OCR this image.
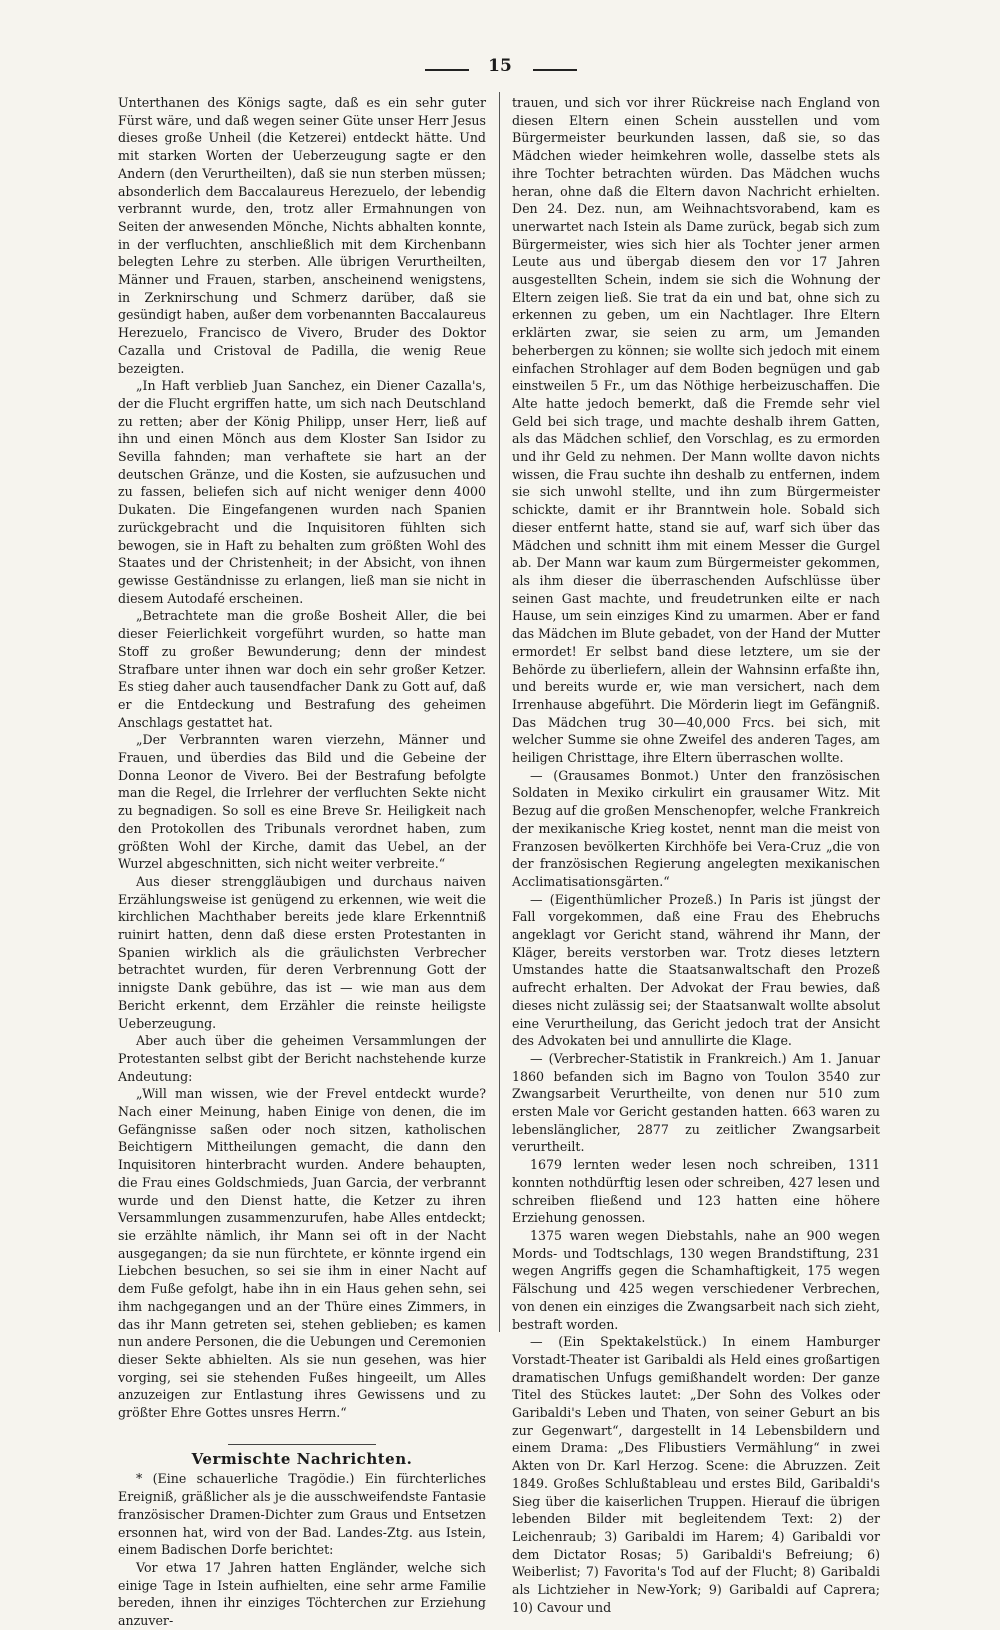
15

Unterthanen des Königs sagte, daß es ein sehr guter Fürst wäre, und daß wegen seiner Güte unser Herr Jesus dieses große Unheil (die Ketzerei) entdeckt hätte. Und mit starken Worten der Ueberzeugung sagte er den Andern (den Verurtheilten), daß sie nun sterben müssen; absonderlich dem Baccalaureus Herezuelo, der lebendig verbrannt wurde, den, trotz aller Ermahnungen von Seiten der anwesenden Mönche, Nichts abhalten konnte, in der verfluchten, anschließlich mit dem Kirchenbann belegten Lehre zu sterben. Alle übrigen Verurtheilten, Männer und Frauen, starben, anscheinend wenigstens, in Zerknirschung und Schmerz darüber, daß sie gesündigt haben, außer dem vorbenannten Baccalaureus Herezuelo, Francisco de Vivero, Bruder des Doktor Cazalla und Cristoval de Padilla, die wenig Reue bezeigten.

„In Haft verblieb Juan Sanchez, ein Diener Cazalla's, der die Flucht ergriffen hatte, um sich nach Deutschland zu retten; aber der König Philipp, unser Herr, ließ auf ihn und einen Mönch aus dem Kloster San Isidor zu Sevilla fahnden; man verhaftete sie hart an der deutschen Gränze, und die Kosten, sie aufzusuchen und zu fassen, beliefen sich auf nicht weniger denn 4000 Dukaten. Die Eingefangenen wurden nach Spanien zurückgebracht und die Inquisitoren fühlten sich bewogen, sie in Haft zu behalten zum größten Wohl des Staates und der Christenheit; in der Absicht, von ihnen gewisse Geständnisse zu erlangen, ließ man sie nicht in diesem Autodafé erscheinen.

„Betrachtete man die große Bosheit Aller, die bei dieser Feierlichkeit vorgeführt wurden, so hatte man Stoff zu großer Bewunderung; denn der mindest Strafbare unter ihnen war doch ein sehr großer Ketzer. Es stieg daher auch tausendfacher Dank zu Gott auf, daß er die Entdeckung und Bestrafung des geheimen Anschlags gestattet hat.

„Der Verbrannten waren vierzehn, Männer und Frauen, und überdies das Bild und die Gebeine der Donna Leonor de Vivero. Bei der Bestrafung befolgte man die Regel, die Irrlehrer der verfluchten Sekte nicht zu begnadigen. So soll es eine Breve Sr. Heiligkeit nach den Protokollen des Tribunals verordnet haben, zum größten Wohl der Kirche, damit das Uebel, an der Wurzel abgeschnitten, sich nicht weiter verbreite.“

Aus dieser strenggläubigen und durchaus naiven Erzählungsweise ist genügend zu erkennen, wie weit die kirchlichen Machthaber bereits jede klare Erkenntniß ruinirt hatten, denn daß diese ersten Protestanten in Spanien wirklich als die gräulichsten Verbrecher betrachtet wurden, für deren Verbrennung Gott der innigste Dank gebühre, das ist — wie man aus dem Bericht erkennt, dem Erzähler die reinste heiligste Ueberzeugung.

Aber auch über die geheimen Versammlungen der Protestanten selbst gibt der Bericht nachstehende kurze Andeutung:

„Will man wissen, wie der Frevel entdeckt wurde? Nach einer Meinung, haben Einige von denen, die im Gefängnisse saßen oder noch sitzen, katholischen Beichtigern Mittheilungen gemacht, die dann den Inquisitoren hinterbracht wurden. Andere behaupten, die Frau eines Goldschmieds, Juan Garcia, der verbrannt wurde und den Dienst hatte, die Ketzer zu ihren Versammlungen zusammenzurufen, habe Alles entdeckt; sie erzählte nämlich, ihr Mann sei oft in der Nacht ausgegangen; da sie nun fürchtete, er könnte irgend ein Liebchen besuchen, so sei sie ihm in einer Nacht auf dem Fuße gefolgt, habe ihn in ein Haus gehen sehn, sei ihm nachgegangen und an der Thüre eines Zimmers, in das ihr Mann getreten sei, stehen geblieben; es kamen nun andere Personen, die die Uebungen und Ceremonien dieser Sekte abhielten. Als sie nun gesehen, was hier vorging, sei sie stehenden Fußes hingeeilt, um Alles anzuzeigen zur Entlastung ihres Gewissens und zu größter Ehre Gottes unsres Herrn.“

Vermischte Nachrichten.

* (Eine schauerliche Tragödie.) Ein fürchterliches Ereigniß, gräßlicher als je die ausschweifendste Fantasie französischer Dramen-Dichter zum Graus und Entsetzen ersonnen hat, wird von der Bad. Landes-Ztg. aus Istein, einem Badischen Dorfe berichtet:

Vor etwa 17 Jahren hatten Engländer, welche sich einige Tage in Istein aufhielten, eine sehr arme Familie bereden, ihnen ihr einziges Töchterchen zur Erziehung anzuver-

trauen, und sich vor ihrer Rückreise nach England von diesen Eltern einen Schein ausstellen und vom Bürgermeister beurkunden lassen, daß sie, so das Mädchen wieder heimkehren wolle, dasselbe stets als ihre Tochter betrachten würden. Das Mädchen wuchs heran, ohne daß die Eltern davon Nachricht erhielten. Den 24. Dez. nun, am Weihnachtsvorabend, kam es unerwartet nach Istein als Dame zurück, begab sich zum Bürgermeister, wies sich hier als Tochter jener armen Leute aus und übergab diesem den vor 17 Jahren ausgestellten Schein, indem sie sich die Wohnung der Eltern zeigen ließ. Sie trat da ein und bat, ohne sich zu erkennen zu geben, um ein Nachtlager. Ihre Eltern erklärten zwar, sie seien zu arm, um Jemanden beherbergen zu können; sie wollte sich jedoch mit einem einfachen Strohlager auf dem Boden begnügen und gab einstweilen 5 Fr., um das Nöthige herbeizuschaffen. Die Alte hatte jedoch bemerkt, daß die Fremde sehr viel Geld bei sich trage, und machte deshalb ihrem Gatten, als das Mädchen schlief, den Vorschlag, es zu ermorden und ihr Geld zu nehmen. Der Mann wollte davon nichts wissen, die Frau suchte ihn deshalb zu entfernen, indem sie sich unwohl stellte, und ihn zum Bürgermeister schickte, damit er ihr Branntwein hole. Sobald sich dieser entfernt hatte, stand sie auf, warf sich über das Mädchen und schnitt ihm mit einem Messer die Gurgel ab. Der Mann war kaum zum Bürgermeister gekommen, als ihm dieser die überraschenden Aufschlüsse über seinen Gast machte, und freudetrunken eilte er nach Hause, um sein einziges Kind zu umarmen. Aber er fand das Mädchen im Blute gebadet, von der Hand der Mutter ermordet! Er selbst band diese letztere, um sie der Behörde zu überliefern, allein der Wahnsinn erfaßte ihn, und bereits wurde er, wie man versichert, nach dem Irrenhause abgeführt. Die Mörderin liegt im Gefängniß. Das Mädchen trug 30—40,000 Frcs. bei sich, mit welcher Summe sie ohne Zweifel des anderen Tages, am heiligen Christtage, ihre Eltern überraschen wollte.

— (Grausames Bonmot.) Unter den französischen Soldaten in Mexiko cirkulirt ein grausamer Witz. Mit Bezug auf die großen Menschenopfer, welche Frankreich der mexikanische Krieg kostet, nennt man die meist von Franzosen bevölkerten Kirchhöfe bei Vera-Cruz „die von der französischen Regierung angelegten mexikanischen Acclimatisationsgärten.“

— (Eigenthümlicher Prozeß.) In Paris ist jüngst der Fall vorgekommen, daß eine Frau des Ehebruchs angeklagt vor Gericht stand, während ihr Mann, der Kläger, bereits verstorben war. Trotz dieses letztern Umstandes hatte die Staatsanwaltschaft den Prozeß aufrecht erhalten. Der Advokat der Frau bewies, daß dieses nicht zulässig sei; der Staatsanwalt wollte absolut eine Verurtheilung, das Gericht jedoch trat der Ansicht des Advokaten bei und annullirte die Klage.

— (Verbrecher-Statistik in Frankreich.) Am 1. Januar 1860 befanden sich im Bagno von Toulon 3540 zur Zwangsarbeit Verurtheilte, von denen nur 510 zum ersten Male vor Gericht gestanden hatten. 663 waren zu lebenslänglicher, 2877 zu zeitlicher Zwangsarbeit verurtheilt.

1679 lernten weder lesen noch schreiben, 1311 konnten nothdürftig lesen oder schreiben, 427 lesen und schreiben fließend und 123 hatten eine höhere Erziehung genossen.

1375 waren wegen Diebstahls, nahe an 900 wegen Mords- und Todtschlags, 130 wegen Brandstiftung, 231 wegen Angriffs gegen die Schamhaftigkeit, 175 wegen Fälschung und 425 wegen verschiedener Verbrechen, von denen ein einziges die Zwangsarbeit nach sich zieht, bestraft worden.

— (Ein Spektakelstück.) In einem Hamburger Vorstadt-Theater ist Garibaldi als Held eines großartigen dramatischen Unfugs gemißhandelt worden: Der ganze Titel des Stückes lautet: „Der Sohn des Volkes oder Garibaldi's Leben und Thaten, von seiner Geburt an bis zur Gegenwart“, dargestellt in 14 Lebensbildern und einem Drama: „Des Flibustiers Vermählung“ in zwei Akten von Dr. Karl Herzog. Scene: die Abruzzen. Zeit 1849. Großes Schlußtableau und erstes Bild, Garibaldi's Sieg über die kaiserlichen Truppen. Hierauf die übrigen lebenden Bilder mit begleitendem Text: 2) der Leichenraub; 3) Garibaldi im Harem; 4) Garibaldi vor dem Dictator Rosas; 5) Garibaldi's Befreiung; 6) Weiberlist; 7) Favorita's Tod auf der Flucht; 8) Garibaldi als Lichtzieher in New-York; 9) Garibaldi auf Caprera; 10) Cavour und
